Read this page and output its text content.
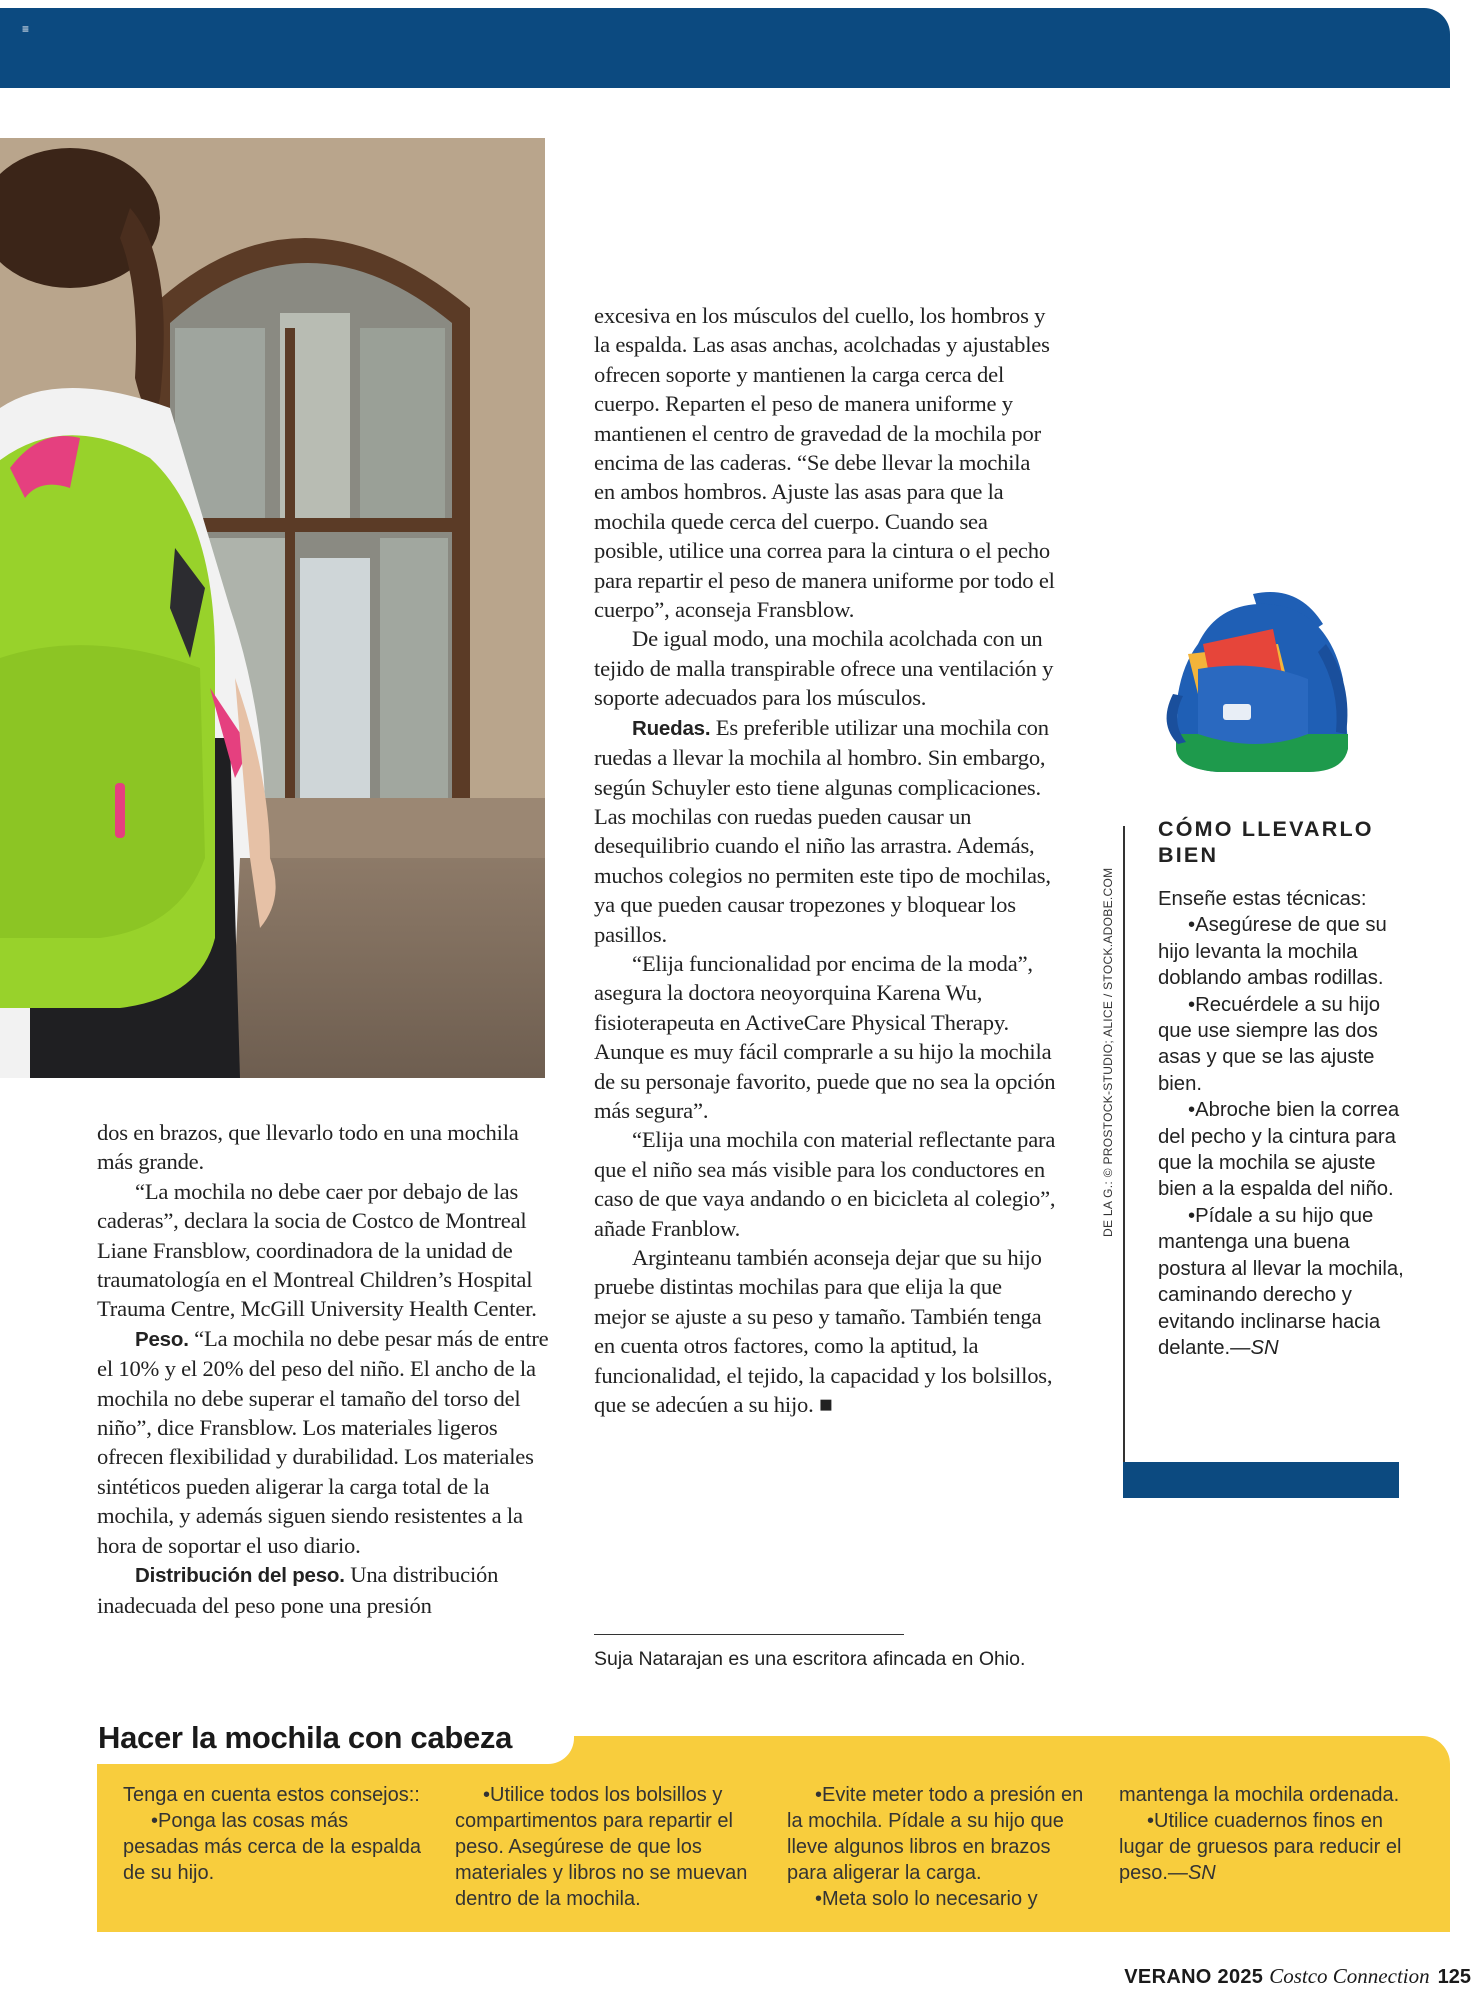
≡

dos en brazos, que llevarlo todo en una mochila más grande.

“La mochila no debe caer por debajo de las caderas”, declara la socia de Costco de Montreal Liane Fransblow, coordinadora de la unidad de traumatología en el Montreal Children’s Hospital Trauma Centre, McGill University Health Center.

Peso. “La mochila no debe pesar más de entre el 10% y el 20% del peso del niño. El ancho de la mochila no debe superar el tamaño del torso del niño”, dice Fransblow. Los materiales ligeros ofrecen flexibilidad y durabilidad. Los materiales sintéticos pueden aligerar la carga total de la mochila, y además siguen siendo resistentes a la hora de soportar el uso diario.

Distribución del peso. Una distribución inadecuada del peso pone una presión

excesiva en los músculos del cuello, los hombros y la espalda. Las asas anchas, acolchadas y ajustables ofrecen soporte y mantienen la carga cerca del cuerpo. Reparten el peso de manera uniforme y mantienen el centro de gravedad de la mochila por encima de las caderas. “Se debe llevar la mochila en ambos hombros. Ajuste las asas para que la mochila quede cerca del cuerpo. Cuando sea posible, utilice una correa para la cintura o el pecho para repartir el peso de manera uniforme por todo el cuerpo”, aconseja Fransblow.

De igual modo, una mochila acolchada con un tejido de malla transpirable ofrece una ventilación y soporte adecuados para los músculos.

Ruedas. Es preferible utilizar una mochila con ruedas a llevar la mochila al hombro. Sin embargo, según Schuyler esto tiene algunas complicaciones. Las mochilas con ruedas pueden causar un desequilibrio cuando el niño las arrastra. Además, muchos colegios no permiten este tipo de mochilas, ya que pueden causar tropezones y bloquear los pasillos.

“Elija funcionalidad por encima de la moda”, asegura la doctora neoyorquina Karena Wu, fisioterapeuta en ActiveCare Physical Therapy. Aunque es muy fácil comprarle a su hijo la mochila de su personaje favorito, puede que no sea la opción más segura”.

“Elija una mochila con material reflectante para que el niño sea más visible para los conductores en caso de que vaya andando o en bicicleta al colegio”, añade Franblow.

Arginteanu también aconseja dejar que su hijo pruebe distintas mochilas para que elija la que mejor se ajuste a su peso y tamaño. También tenga en cuenta otros factores, como la aptitud, la funcionalidad, el tejido, la capacidad y los bolsillos, que se adecúen a su hijo. ■

Suja Natarajan es una escritora afincada en Ohio.
DE LA G.: © PROSTOCK-STUDIO; ALICE / STOCK.ADOBE.COM
CÓMO LLEVARLO BIEN

Enseñe estas técnicas:

•Asegúrese de que su hijo levanta la mochila doblando ambas rodillas.

•Recuérdele a su hijo que use siempre las dos asas y que se las ajuste bien.

•Abroche bien la correa del pecho y la cintura para que la mochila se ajuste bien a la espalda del niño.

•Pídale a su hijo que mantenga una buena postura al llevar la mochila, caminando derecho y evitando inclinarse hacia delante.—SN

Hacer la mochila con cabeza

Tenga en cuenta estos consejos::

•Ponga las cosas más pesadas más cerca de la espalda de su hijo.

•Utilice todos los bolsillos y compartimentos para repartir el peso. Asegúrese de que los materiales y libros no se muevan dentro de la mochila.

•Evite meter todo a presión en la mochila. Pídale a su hijo que lleve algunos libros en brazos para aligerar la carga.

•Meta solo lo necesario y

mantenga la mochila ordenada.

•Utilice cuadernos finos en lugar de gruesos para reducir el peso.—SN

VERANO 2025 Costco Connection 125
